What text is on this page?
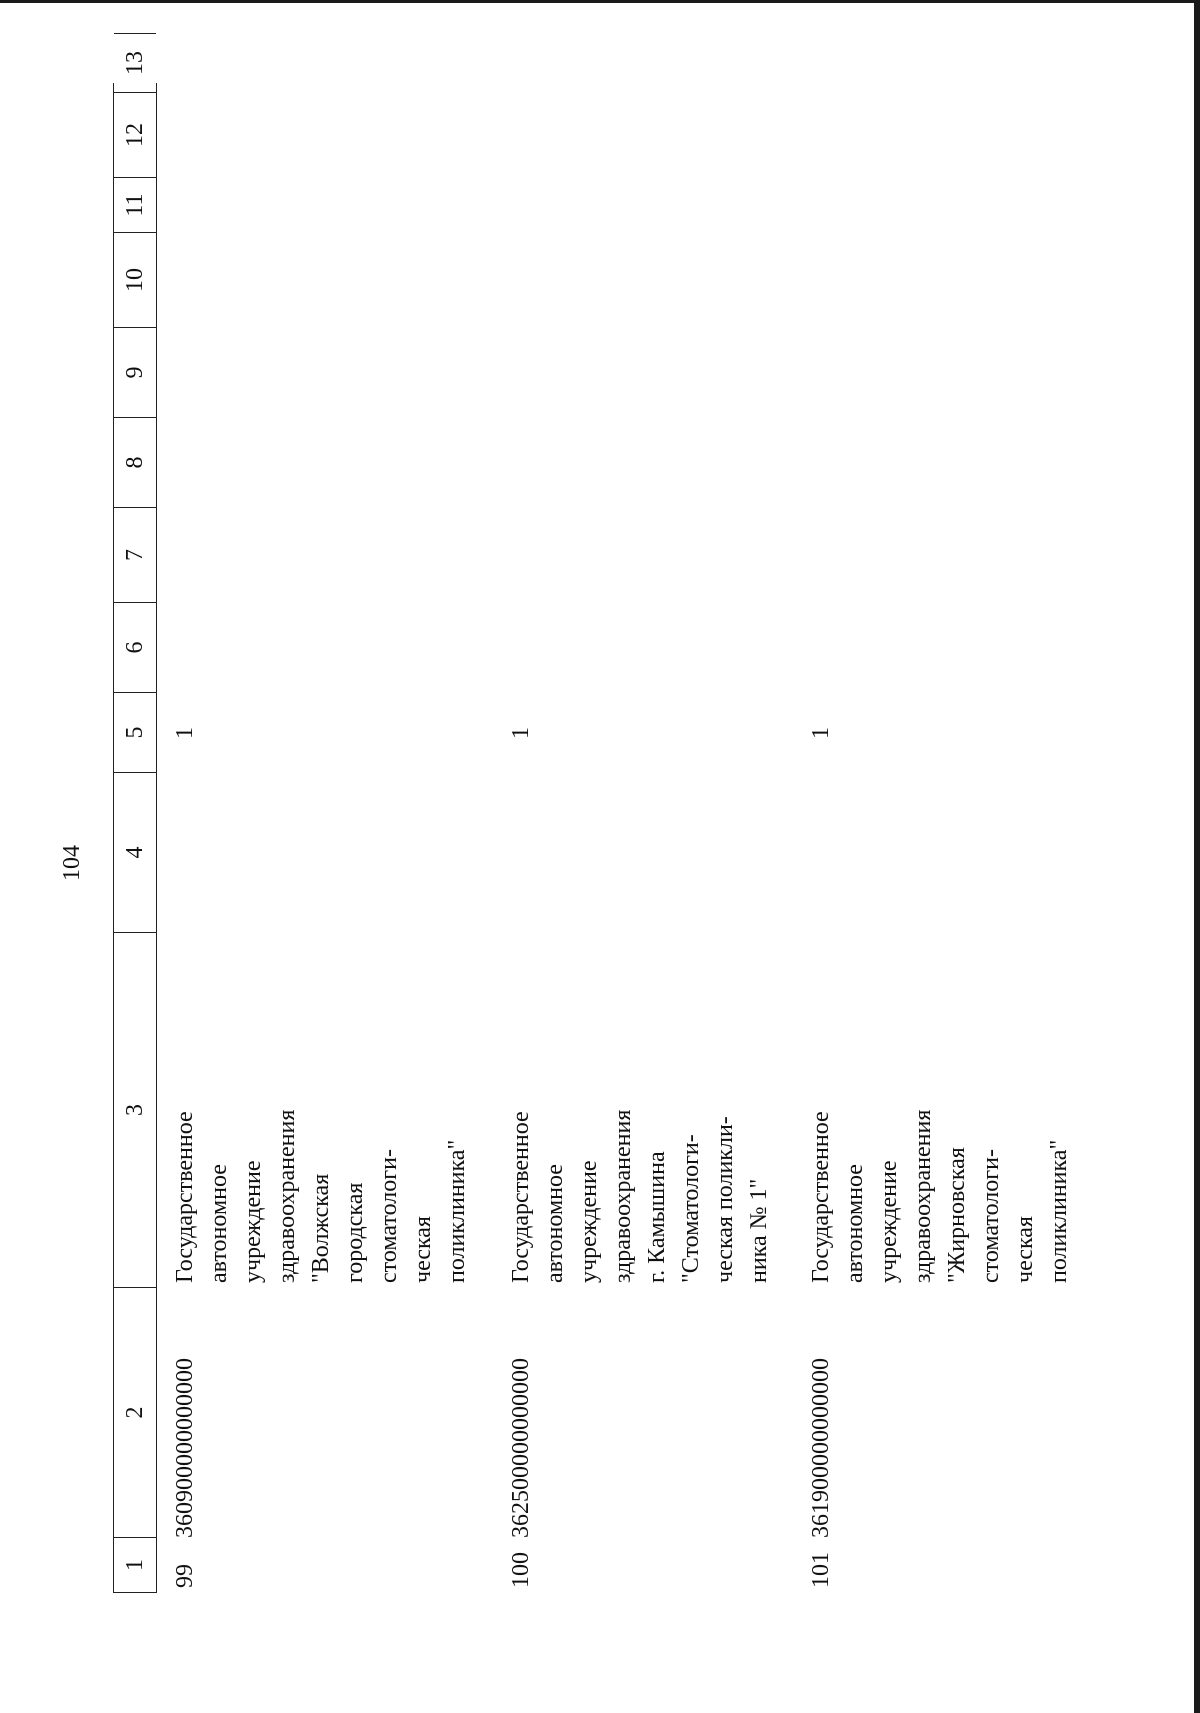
104
1
2
3
4
5
6
7
8
9
10
11
12
13
99
360900000000000
Государственное автономное учреждение здравоохранения "Волжская городская стоматологи- ческая поликлиника"
1
100
362500000000000
Государственное автономное учреждение здравоохранения г. Камышина "Стоматологи- ческая поликли- ника № 1"
1
101
361900000000000
Государственное автономное учреждение здравоохранения "Жирновская стоматологи- ческая поликлиника"
1
